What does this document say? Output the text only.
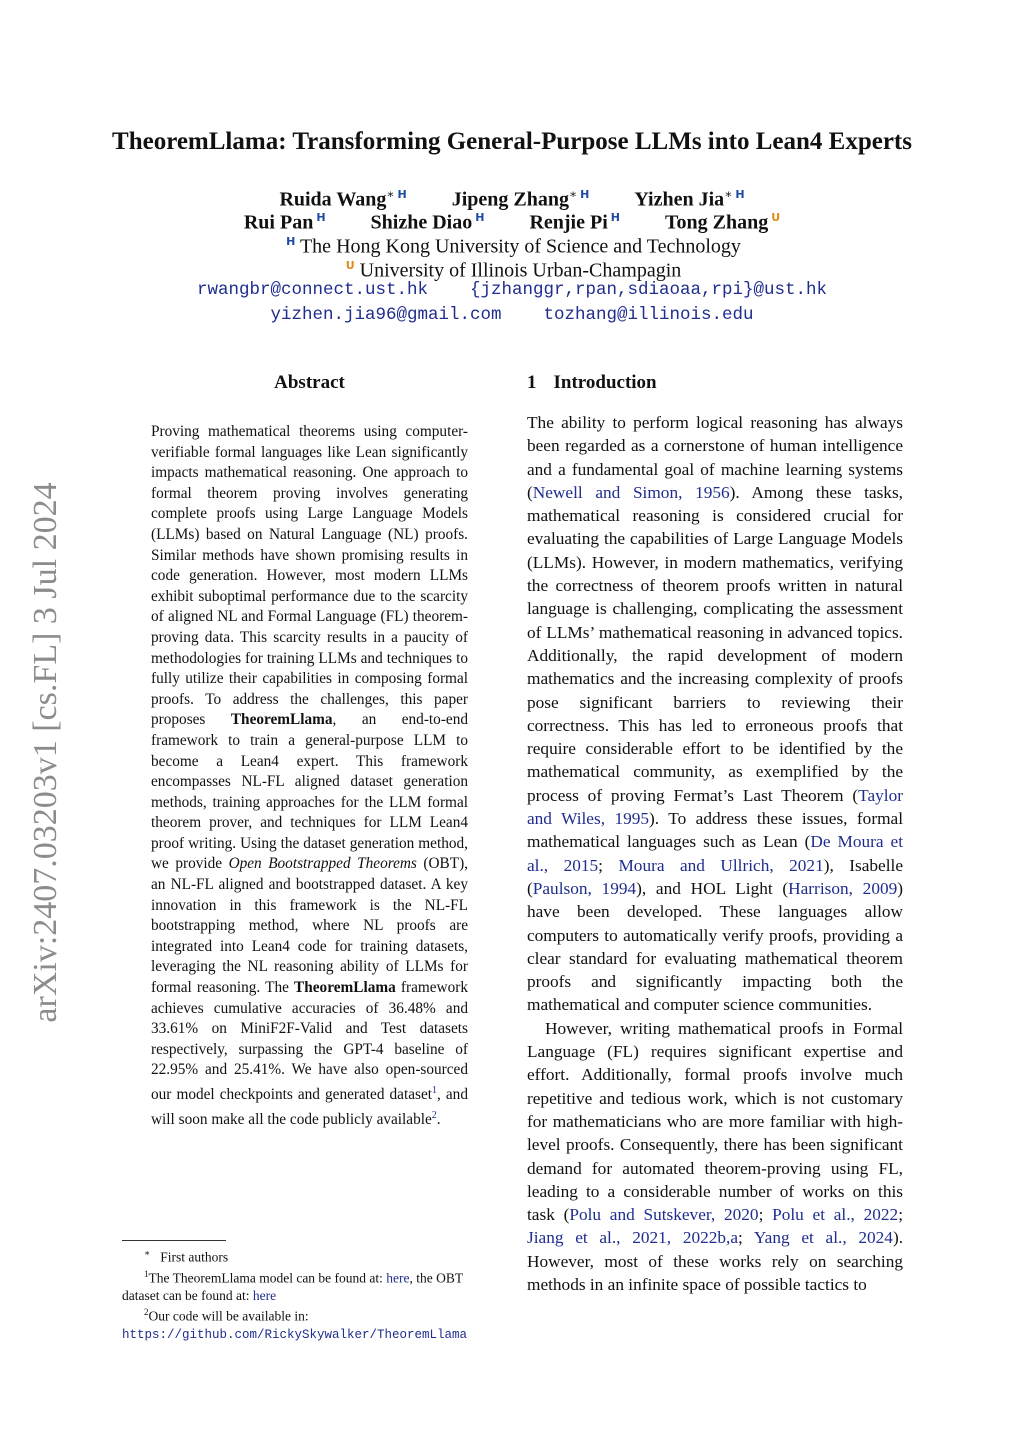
arXiv:2407.03203v1 [cs.FL] 3 Jul 2024
TheoremLlama: Transforming General-Purpose LLMs into Lean4 Experts
Ruida Wang∗ $^H$ Jipeng Zhang∗ $^H$ Yizhen Jia∗ $^H$
Rui Pan $^H$ Shizhe Diao $^H$ Renjie Pi $^H$ Tong Zhang $^U$
$^H$ The Hong Kong University of Science and Technology
$^U$ University of Illinois Urban-Champagin
rwangbr@connect.ust.hk {jzhanggr,rpan,sdiaoaa,rpi}@ust.hk
yizhen.jia96@gmail.com tozhang@illinois.edu
Abstract

Proving mathematical theorems using computer-verifiable formal languages like Lean significantly impacts mathematical reasoning. One approach to formal theorem proving involves generating complete proofs using Large Language Models (LLMs) based on Natural Language (NL) proofs. Similar methods have shown promising results in code generation. However, most modern LLMs exhibit suboptimal performance due to the scarcity of aligned NL and Formal Language (FL) theorem-proving data. This scarcity results in a paucity of methodologies for training LLMs and techniques to fully utilize their capabilities in composing formal proofs. To address the challenges, this paper proposes TheoremLlama, an end-to-end framework to train a general-purpose LLM to become a Lean4 expert. This framework encompasses NL-FL aligned dataset generation methods, training approaches for the LLM formal theorem prover, and techniques for LLM Lean4 proof writing. Using the dataset generation method, we provide Open Bootstrapped Theorems (OBT), an NL-FL aligned and bootstrapped dataset. A key innovation in this framework is the NL-FL bootstrapping method, where NL proofs are integrated into Lean4 code for training datasets, leveraging the NL reasoning ability of LLMs for formal reasoning. The TheoremLlama framework achieves cumulative accuracies of 36.48% and 33.61% on MiniF2F-Valid and Test datasets respectively, surpassing the GPT-4 baseline of 22.95% and 25.41%. We have also open-sourced our model checkpoints and generated dataset$^1$, and will soon make all the code publicly available$^2$.

∗ First authors

$^1$The TheoremLlama model can be found at: here, the OBT dataset can be found at: here

$^2$Our code will be available in:

https://github.com/RickySkywalker/TheoremLlama

1 Introduction

The ability to perform logical reasoning has always been regarded as a cornerstone of human intelligence and a fundamental goal of machine learning systems (Newell and Simon, 1956). Among these tasks, mathematical reasoning is considered crucial for evaluating the capabilities of Large Language Models (LLMs). However, in modern mathematics, verifying the correctness of theorem proofs written in natural language is challenging, complicating the assessment of LLMs’ mathematical reasoning in advanced topics. Additionally, the rapid development of modern mathematics and the increasing complexity of proofs pose significant barriers to reviewing their correctness. This has led to erroneous proofs that require considerable effort to be identified by the mathematical community, as exemplified by the process of proving Fermat’s Last Theorem (Taylor and Wiles, 1995). To address these issues, formal mathematical languages such as Lean (De Moura et al., 2015; Moura and Ullrich, 2021), Isabelle (Paulson, 1994), and HOL Light (Harrison, 2009) have been developed. These languages allow computers to automatically verify proofs, providing a clear standard for evaluating mathematical theorem proofs and significantly impacting both the mathematical and computer science communities.

However, writing mathematical proofs in Formal Language (FL) requires significant expertise and effort. Additionally, formal proofs involve much repetitive and tedious work, which is not customary for mathematicians who are more familiar with high-level proofs. Consequently, there has been significant demand for automated theorem-proving using FL, leading to a considerable number of works on this task (Polu and Sutskever, 2020; Polu et al., 2022; Jiang et al., 2021, 2022b,a; Yang et al., 2024). However, most of these works rely on searching methods in an infinite space of possible tactics to
